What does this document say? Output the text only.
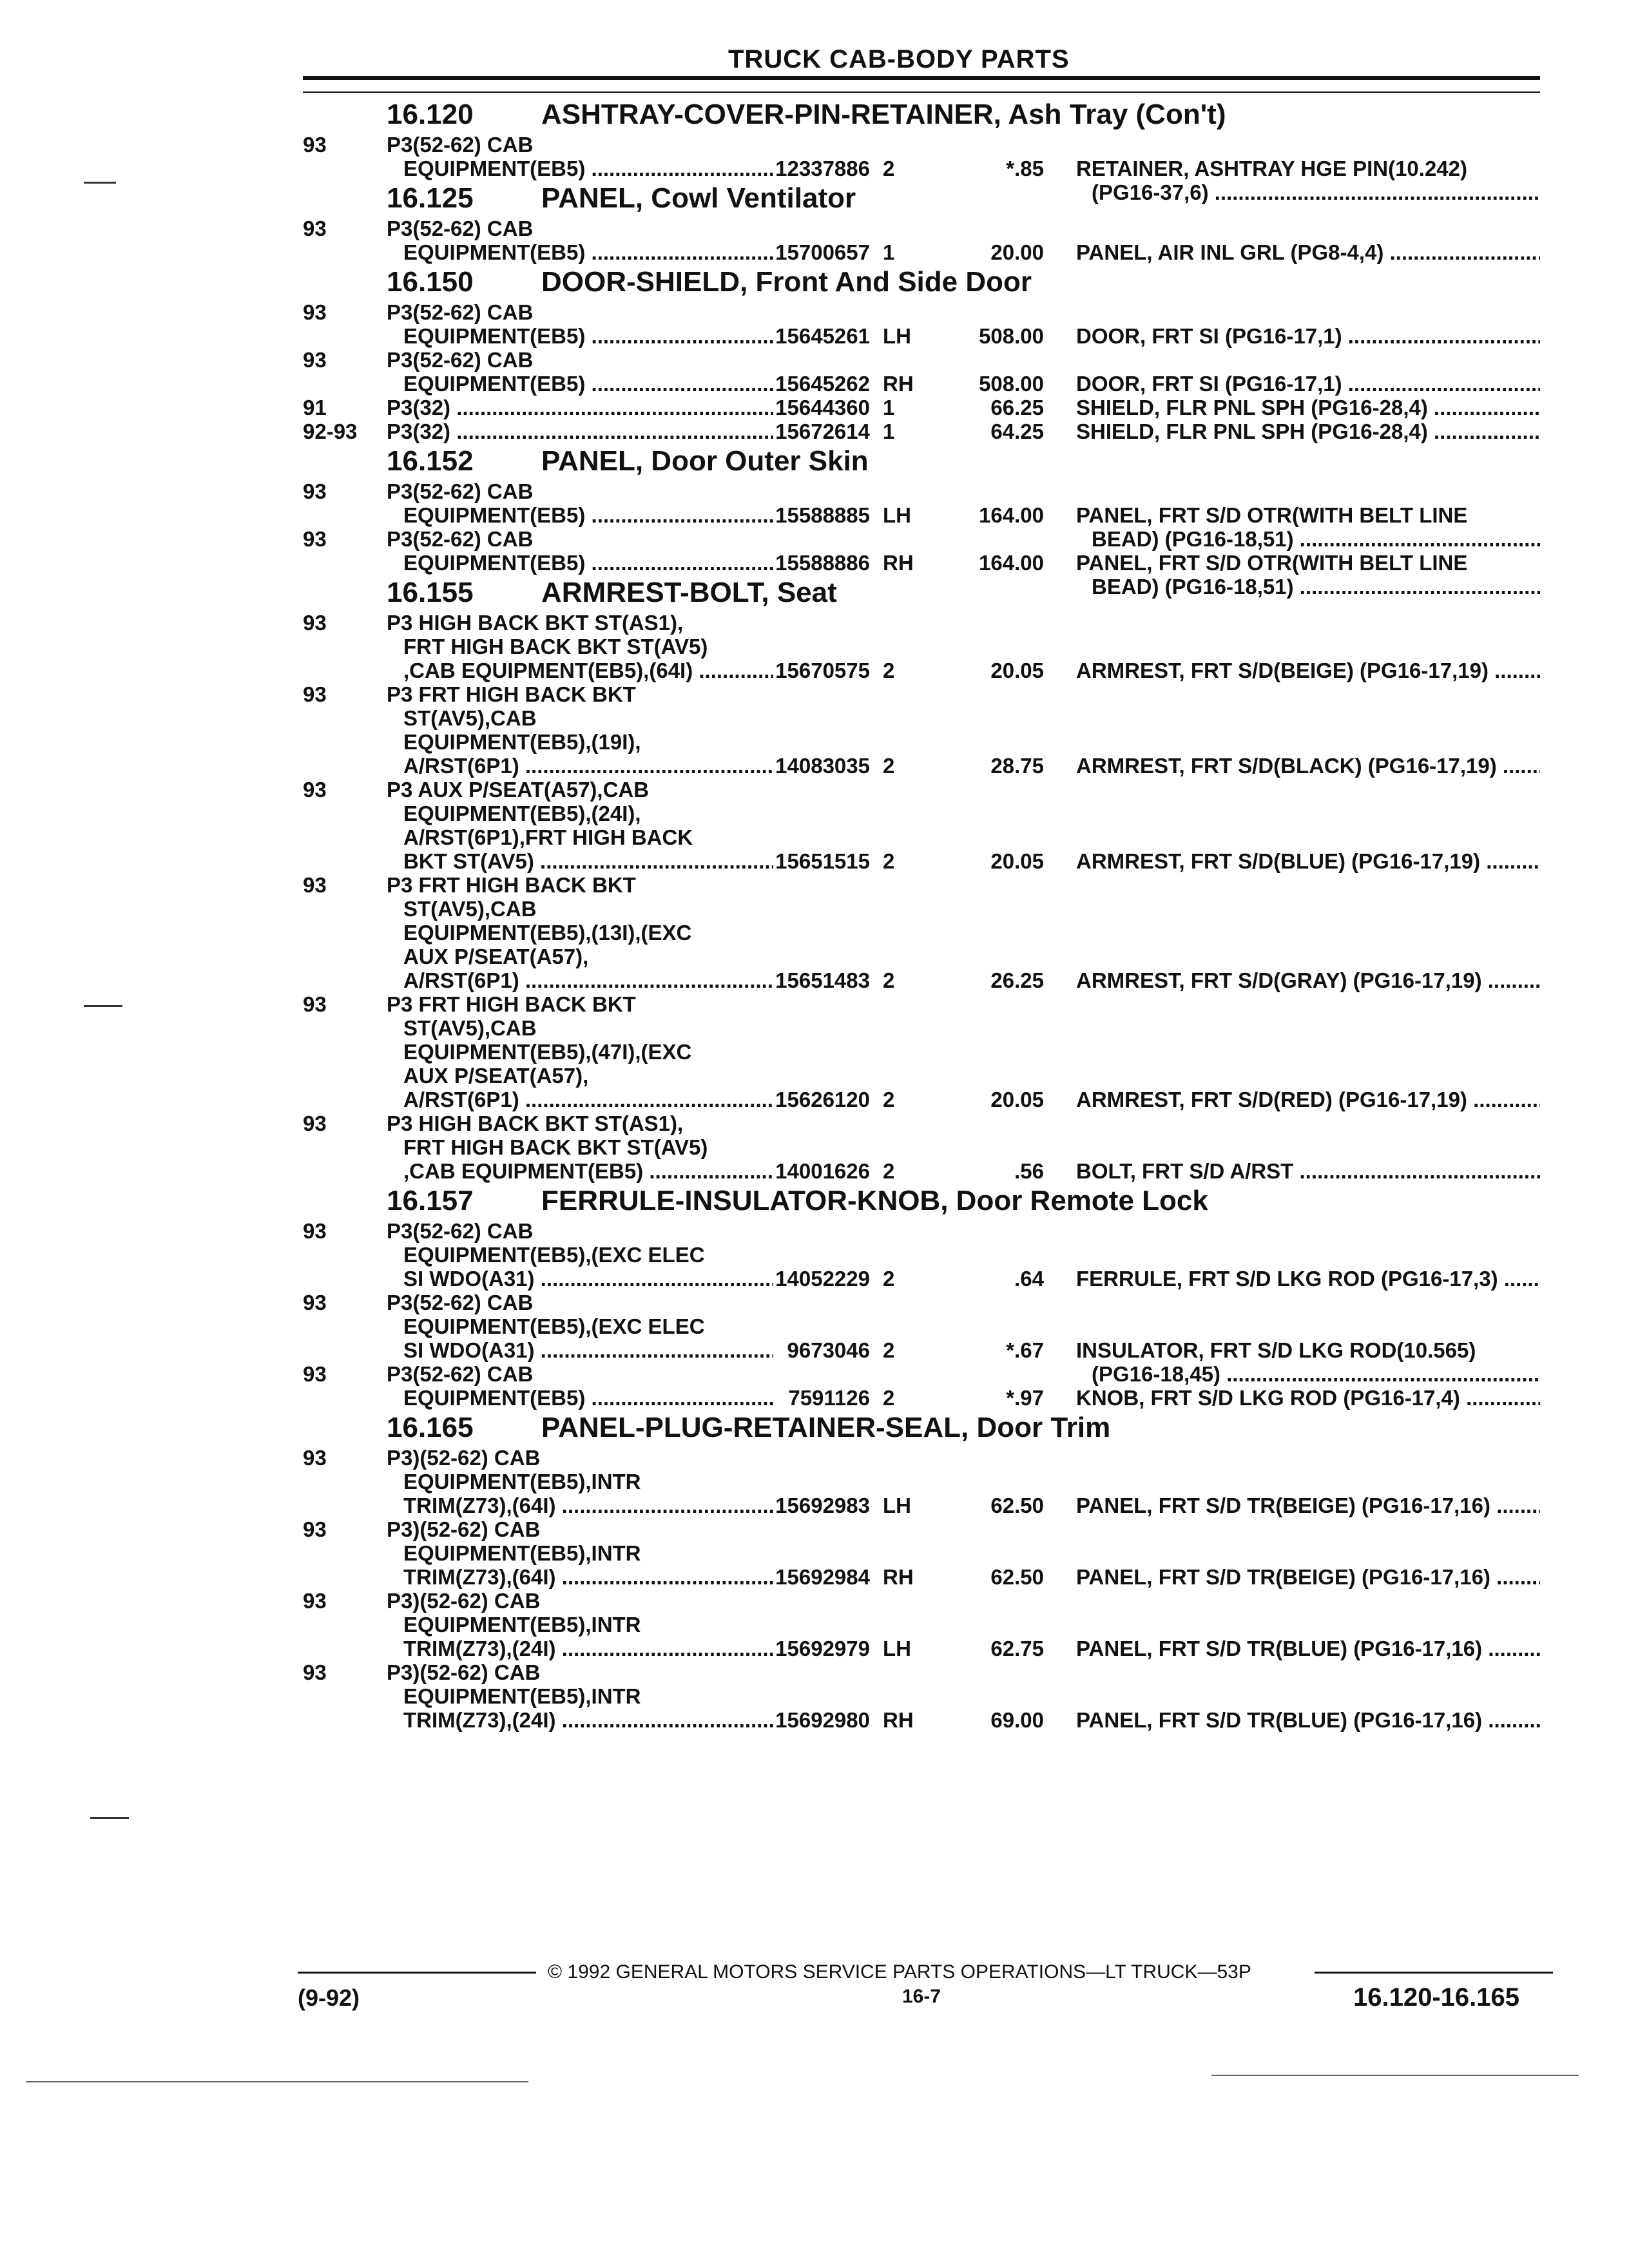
TRUCK CAB-BODY PARTS
16.120 ASHTRAY-COVER-PIN-RETAINER, Ash Tray (Con't)
93	P3(52-62) CAB
EQUIPMENT(EB5) .....	12337886 2	*.85 RETAINER, ASHTRAY HGE PIN(10.242)
(PG16-37,6) .....
16.125 PANEL, Cowl Ventilator
93	P3(52-62) CAB
EQUIPMENT(EB5) .....	15700657 1	20.00 PANEL, AIR INL GRL (PG8-4,4) .....
16.150 DOOR-SHIELD, Front And Side Door
93	P3(52-62) CAB
EQUIPMENT(EB5) .....	15645261 LH	508.00 DOOR, FRT SI (PG16-17,1) .....
93	P3(52-62) CAB
EQUIPMENT(EB5) .....	15645262 RH	508.00 DOOR, FRT SI (PG16-17,1) .....
91	P3(32) .....	15644360 1	66.25 SHIELD, FLR PNL SPH (PG16-28,4) .....
92-93	P3(32) .....	15672614 1	64.25 SHIELD, FLR PNL SPH (PG16-28,4) .....
16.152 PANEL, Door Outer Skin
93	P3(52-62) CAB
EQUIPMENT(EB5) .....	15588885 LH	164.00 PANEL, FRT S/D OTR(WITH BELT LINE
BEAD) (PG16-18,51) .....
93	P3(52-62) CAB
EQUIPMENT(EB5) .....	15588886 RH	164.00 PANEL, FRT S/D OTR(WITH BELT LINE
BEAD) (PG16-18,51) .....
16.155 ARMREST-BOLT, Seat
93	P3 HIGH BACK BKT ST(AS1),
FRT HIGH BACK BKT ST(AV5)
,CAB EQUIPMENT(EB5),(64I) .....	15670575 2	20.05 ARMREST, FRT S/D(BEIGE) (PG16-17,19) .....
93	P3 FRT HIGH BACK BKT
ST(AV5),CAB
EQUIPMENT(EB5),(19I),
A/RST(6P1) .....	14083035 2	28.75 ARMREST, FRT S/D(BLACK) (PG16-17,19) .....
93	P3 AUX P/SEAT(A57),CAB
EQUIPMENT(EB5),(24I),
A/RST(6P1),FRT HIGH BACK
BKT ST(AV5) .....	15651515 2	20.05 ARMREST, FRT S/D(BLUE) (PG16-17,19) .....
93	P3 FRT HIGH BACK BKT
ST(AV5),CAB
EQUIPMENT(EB5),(13I),(EXC
AUX P/SEAT(A57),
A/RST(6P1) .....	15651483 2	26.25 ARMREST, FRT S/D(GRAY) (PG16-17,19) .....
93	P3 FRT HIGH BACK BKT
ST(AV5),CAB
EQUIPMENT(EB5),(47I),(EXC
AUX P/SEAT(A57),
A/RST(6P1) .....	15626120 2	20.05 ARMREST, FRT S/D(RED) (PG16-17,19) .....
93	P3 HIGH BACK BKT ST(AS1),
FRT HIGH BACK BKT ST(AV5)
,CAB EQUIPMENT(EB5) .....	14001626 2	.56 BOLT, FRT S/D A/RST .....
16.157 FERRULE-INSULATOR-KNOB, Door Remote Lock
93	P3(52-62) CAB
EQUIPMENT(EB5),(EXC ELEC
SI WDO(A31) .....	14052229 2	.64 FERRULE, FRT S/D LKG ROD (PG16-17,3) .....
93	P3(52-62) CAB
EQUIPMENT(EB5),(EXC ELEC
SI WDO(A31) .....	9673046 2	*.67 INSULATOR, FRT S/D LKG ROD(10.565)
(PG16-18,45) .....
93	P3(52-62) CAB
EQUIPMENT(EB5) .....	7591126 2	*.97 KNOB, FRT S/D LKG ROD (PG16-17,4) .....
16.165 PANEL-PLUG-RETAINER-SEAL, Door Trim
93	P3)(52-62) CAB
EQUIPMENT(EB5),INTR
TRIM(Z73),(64I) .....	15692983 LH	62.50 PANEL, FRT S/D TR(BEIGE) (PG16-17,16) .....
93	P3)(52-62) CAB
EQUIPMENT(EB5),INTR
TRIM(Z73),(64I) .....	15692984 RH	62.50 PANEL, FRT S/D TR(BEIGE) (PG16-17,16) .....
93	P3)(52-62) CAB
EQUIPMENT(EB5),INTR
TRIM(Z73),(24I) .....	15692979 LH	62.75 PANEL, FRT S/D TR(BLUE) (PG16-17,16) .....
93	P3)(52-62) CAB
EQUIPMENT(EB5),INTR
TRIM(Z73),(24I) .....	15692980 RH	69.00 PANEL, FRT S/D TR(BLUE) (PG16-17,16) .....
© 1992 GENERAL MOTORS SERVICE PARTS OPERATIONS—LT TRUCK—53P
(9-92)	16-7	16.120-16.165
